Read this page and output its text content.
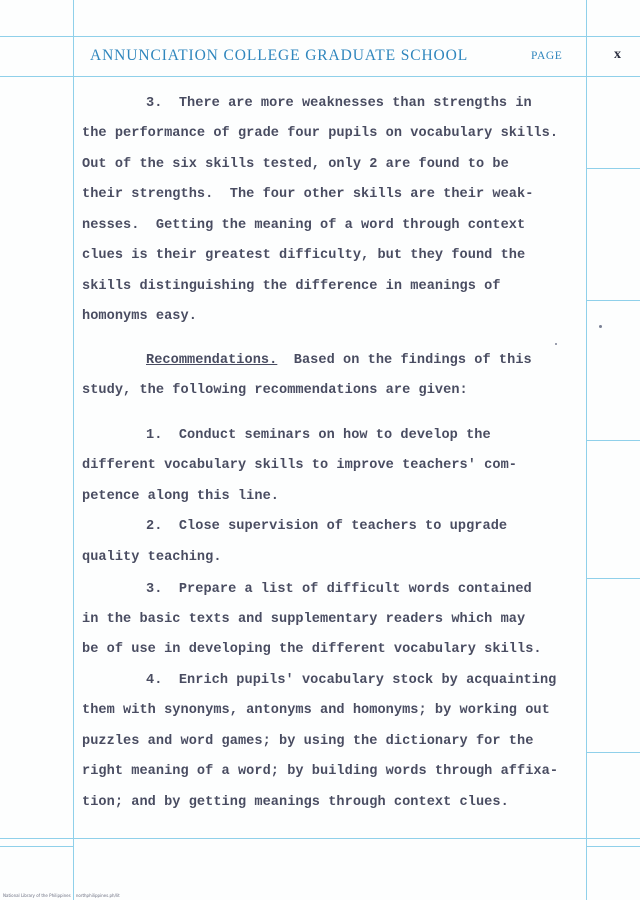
ANNUNCIATION COLLEGE GRADUATE SCHOOL	PAGE	x
3.  There are more weaknesses than strengths in
the performance of grade four pupils on vocabulary skills.
Out of the six skills tested, only 2 are found to be
their strengths.  The four other skills are their weak-
nesses.  Getting the meaning of a word through context
clues is their greatest difficulty, but they found the
skills distinguishing the difference in meanings of
homonyms easy.
Recommendations.  Based on the findings of this
study, the following recommendations are given:
1.  Conduct seminars on how to develop the
different vocabulary skills to improve teachers' com-
petence along this line.
2.  Close supervision of teachers to upgrade
quality teaching.
3.  Prepare a list of difficult words contained
in the basic texts and supplementary readers which may
be of use in developing the different vocabulary skills.
4.  Enrich pupils' vocabulary stock by acquainting
them with synonyms, antonyms and homonyms; by working out
puzzles and word games; by using the dictionary for the
right meaning of a word; by building words through affixa-
tion; and by getting meanings through context clues.
National Library of the Philippines northphilippines.ph/lit
